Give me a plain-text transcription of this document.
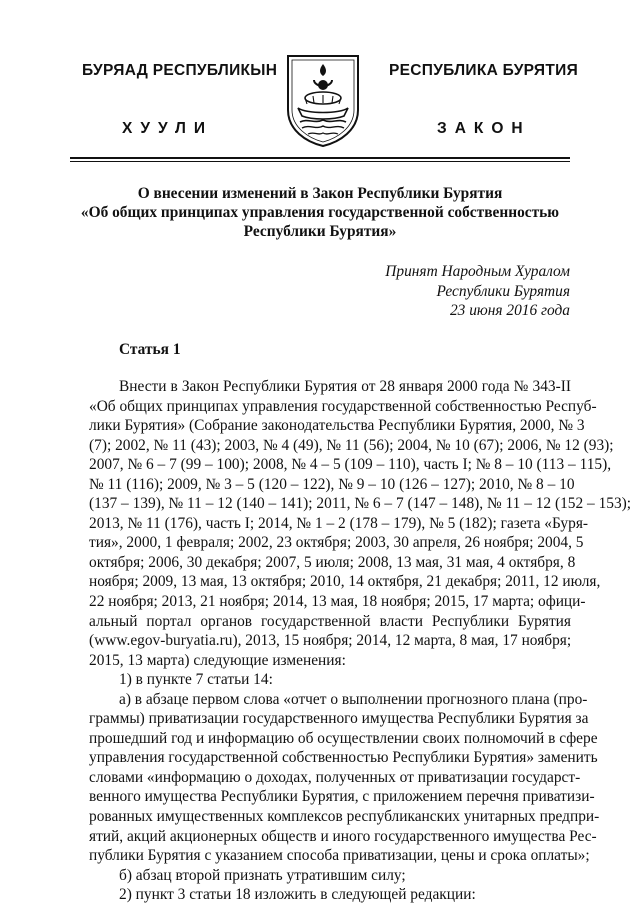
БУРЯАД РЕСПУБЛИКЫН
ХУУЛИ
РЕСПУБЛИКА БУРЯТИЯ
ЗАКОН
О внесении изменений в Закон Республики Бурятия
«Об общих принципах управления государственной собственностью
Республики Бурятия»
Принят Народным Хуралом
Республики Бурятия
23 июня 2016 года
Статья 1
Внести в Закон Республики Бурятия от 28 января 2000 года № 343-II
«Об общих принципах управления государственной собственностью Респуб-
лики Бурятия» (Собрание законодательства Республики Бурятия, 2000, № 3
(7); 2002, № 11 (43); 2003, № 4 (49), № 11 (56); 2004, № 10 (67); 2006, № 12 (93);
2007, № 6 – 7 (99 – 100); 2008, № 4 – 5 (109 – 110), часть I; № 8 – 10 (113 – 115),
№ 11 (116); 2009, № 3 – 5 (120 – 122), № 9 – 10 (126 – 127); 2010, № 8 – 10
(137 – 139), № 11 – 12 (140 – 141); 2011, № 6 – 7 (147 – 148), № 11 – 12 (152 – 153);
2013, № 11 (176), часть I; 2014, № 1 – 2 (178 – 179), № 5 (182); газета «Буря-
тия», 2000, 1 февраля; 2002, 23 октября; 2003, 30 апреля, 26 ноября; 2004, 5
октября; 2006, 30 декабря; 2007, 5 июля; 2008, 13 мая, 31 мая, 4 октября, 8
ноября; 2009, 13 мая, 13 октября; 2010, 14 октября, 21 декабря; 2011, 12 июля,
22 ноября; 2013, 21 ноября; 2014, 13 мая, 18 ноября; 2015, 17 марта; офици-
альный портал органов государственной власти Республики Бурятия
(www.egov-buryatia.ru), 2013, 15 ноября; 2014, 12 марта, 8 мая, 17 ноября;
2015, 13 марта) следующие изменения:
1) в пункте 7 статьи 14:
а) в абзаце первом слова «отчет о выполнении прогнозного плана (про-
граммы) приватизации государственного имущества Республики Бурятия за
прошедший год и информацию об осуществлении своих полномочий в сфере
управления государственной собственностью Республики Бурятия» заменить
словами «информацию о доходах, полученных от приватизации государст-
венного имущества Республики Бурятия, с приложением перечня приватизи-
рованных имущественных комплексов республиканских унитарных предпри-
ятий, акций акционерных обществ и иного государственного имущества Рес-
публики Бурятия с указанием способа приватизации, цены и срока оплаты»;
б) абзац второй признать утратившим силу;
2) пункт 3 статьи 18 изложить в следующей редакции:
